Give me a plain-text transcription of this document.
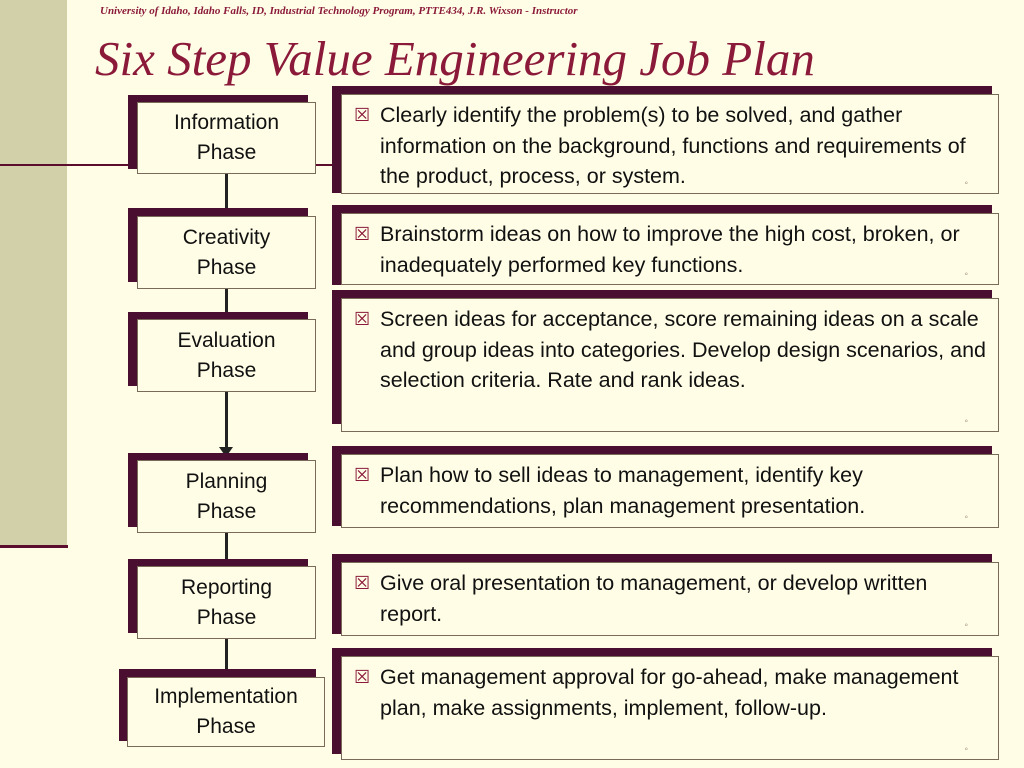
University of Idaho, Idaho Falls, ID, Industrial Technology Program, PTTE434, J.R. Wixson - Instructor
Six Step Value Engineering Job Plan
Information
Phase
Creativity
Phase
Evaluation
Phase
Planning
Phase
Reporting
Phase
Implementation
Phase
☒ Clearly identify the problem(s) to be solved, and gather information on the background, functions and requirements of the product, process, or system.	◦
☒ Brainstorm ideas on how to improve the high cost, broken, or inadequately performed key functions.	◦
☒ Screen ideas for acceptance, score remaining ideas on a scale and group ideas into categories. Develop design scenarios, and selection criteria. Rate and rank ideas.
◦
☒ Plan how to sell ideas to management, identify key recommendations, plan management presentation.	◦
☒ Give oral presentation to management, or develop written report.	◦
☒ Get management approval for go-ahead, make management plan, make assignments, implement, follow-up.
◦
